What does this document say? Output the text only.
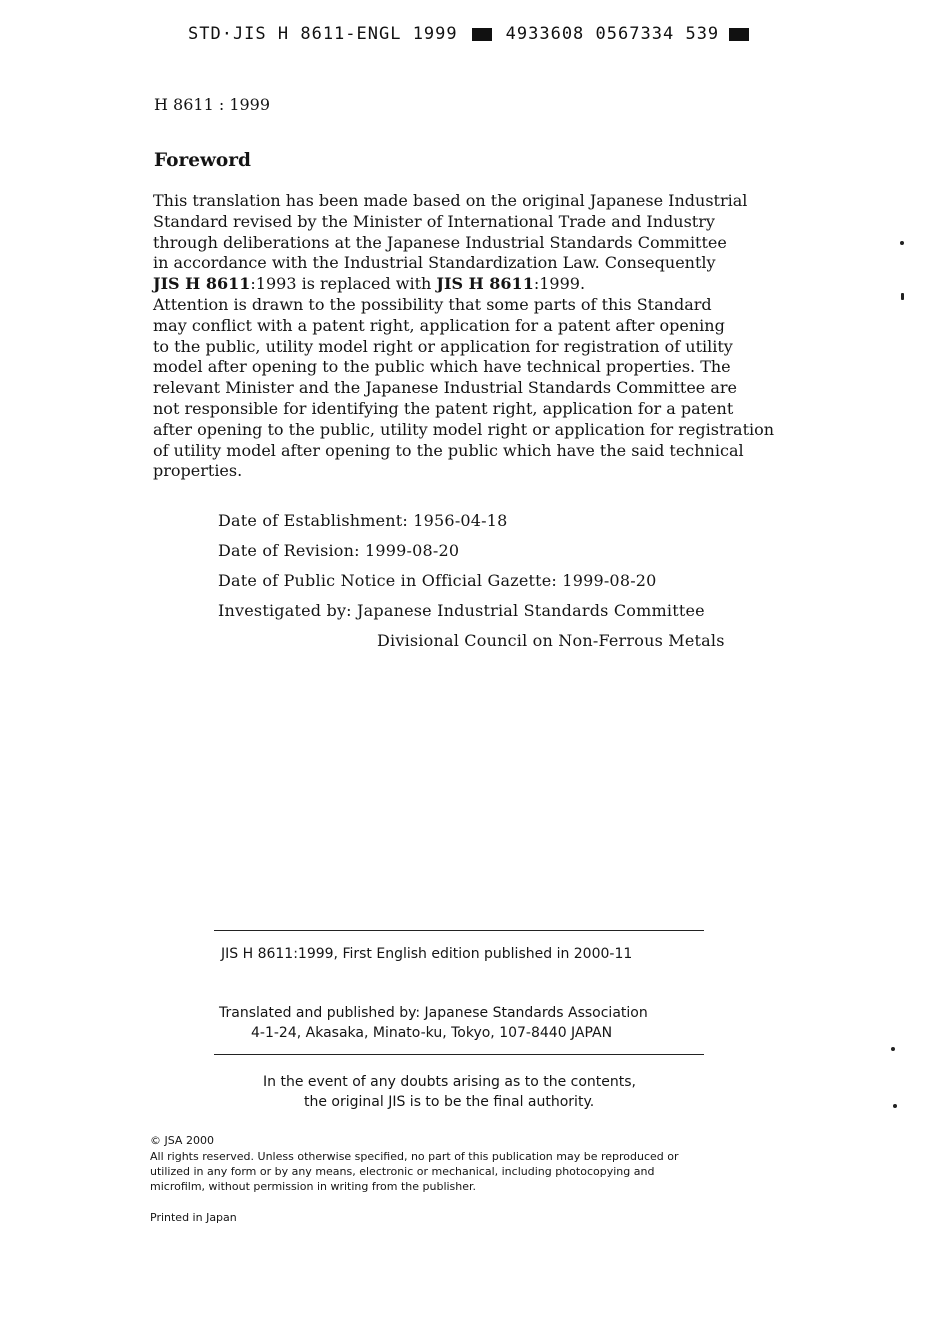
STD·JIS H 8611-ENGL 1999	4933608
0567334
539

H 8611 : 1999

Foreword
This translation has been made based on the original Japanese Industrial
Standard revised by the Minister of International Trade and Industry
through deliberations at the Japanese Industrial Standards Committee
in accordance with the Industrial Standardization Law. Consequently
JIS H 8611:1993 is replaced with JIS H 8611:1999.
Attention is drawn to the possibility that some parts of this Standard
may conflict with a patent right, application for a patent after opening
to the public, utility model right or application for registration of utility
model after opening to the public which have technical properties. The
relevant Minister and the Japanese Industrial Standards Committee are
not responsible for identifying the patent right, application for a patent
after opening to the public, utility model right or application for registration
of utility model after opening to the public which have the said technical
properties.
Date of Establishment: 1956-04-18
Date of Revision: 1999-08-20
Date of Public Notice in Official Gazette: 1999-08-20
Investigated by: Japanese Industrial Standards Committee
Divisional Council on Non-Ferrous Metals
JIS H 8611:1999, First English edition published in 2000-11
Translated and published by: Japanese Standards Association
4-1-24, Akasaka, Minato-ku, Tokyo, 107-8440 JAPAN
In the event of any doubts arising as to the contents,
the original JIS is to be the final authority.
© JSA 2000
All rights reserved. Unless otherwise specified, no part of this publication may be reproduced or
utilized in any form or by any means, electronic or mechanical, including photocopying and
microfilm, without permission in writing from the publisher.
Printed in Japan
